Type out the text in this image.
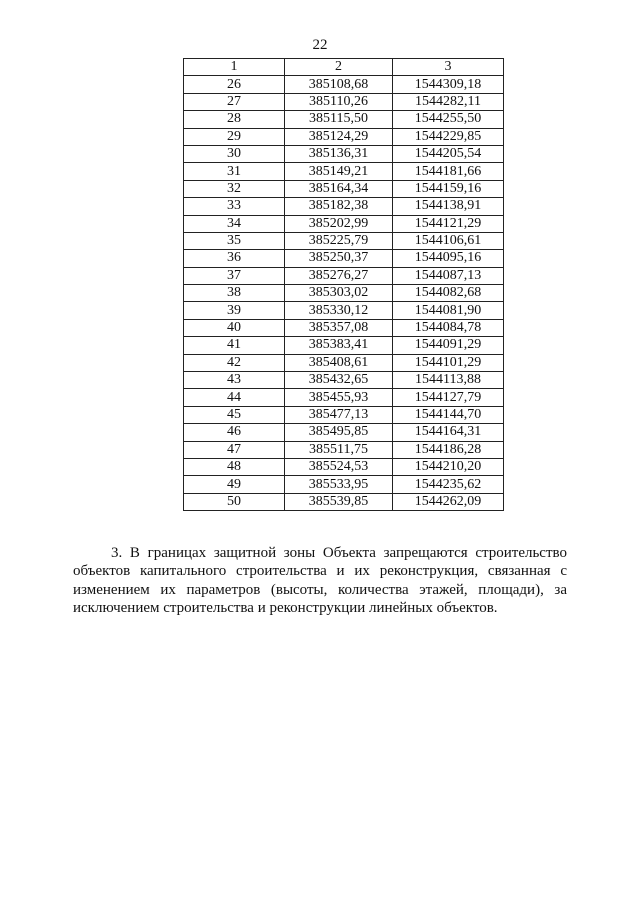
22
1	2	3
26	385108,68	1544309,18
27	385110,26	1544282,11
28	385115,50	1544255,50
29	385124,29	1544229,85
30	385136,31	1544205,54
31	385149,21	1544181,66
32	385164,34	1544159,16
33	385182,38	1544138,91
34	385202,99	1544121,29
35	385225,79	1544106,61
36	385250,37	1544095,16
37	385276,27	1544087,13
38	385303,02	1544082,68
39	385330,12	1544081,90
40	385357,08	1544084,78
41	385383,41	1544091,29
42	385408,61	1544101,29
43	385432,65	1544113,88
44	385455,93	1544127,79
45	385477,13	1544144,70
46	385495,85	1544164,31
47	385511,75	1544186,28
48	385524,53	1544210,20
49	385533,95	1544235,62
50	385539,85	1544262,09

3. В границах защитной зоны Объекта запрещаются строительство объектов капитального строительства и их реконструкция, связанная с изменением их параметров (высоты, количества этажей, площади), за исключением строительства и реконструкции линейных объектов.
